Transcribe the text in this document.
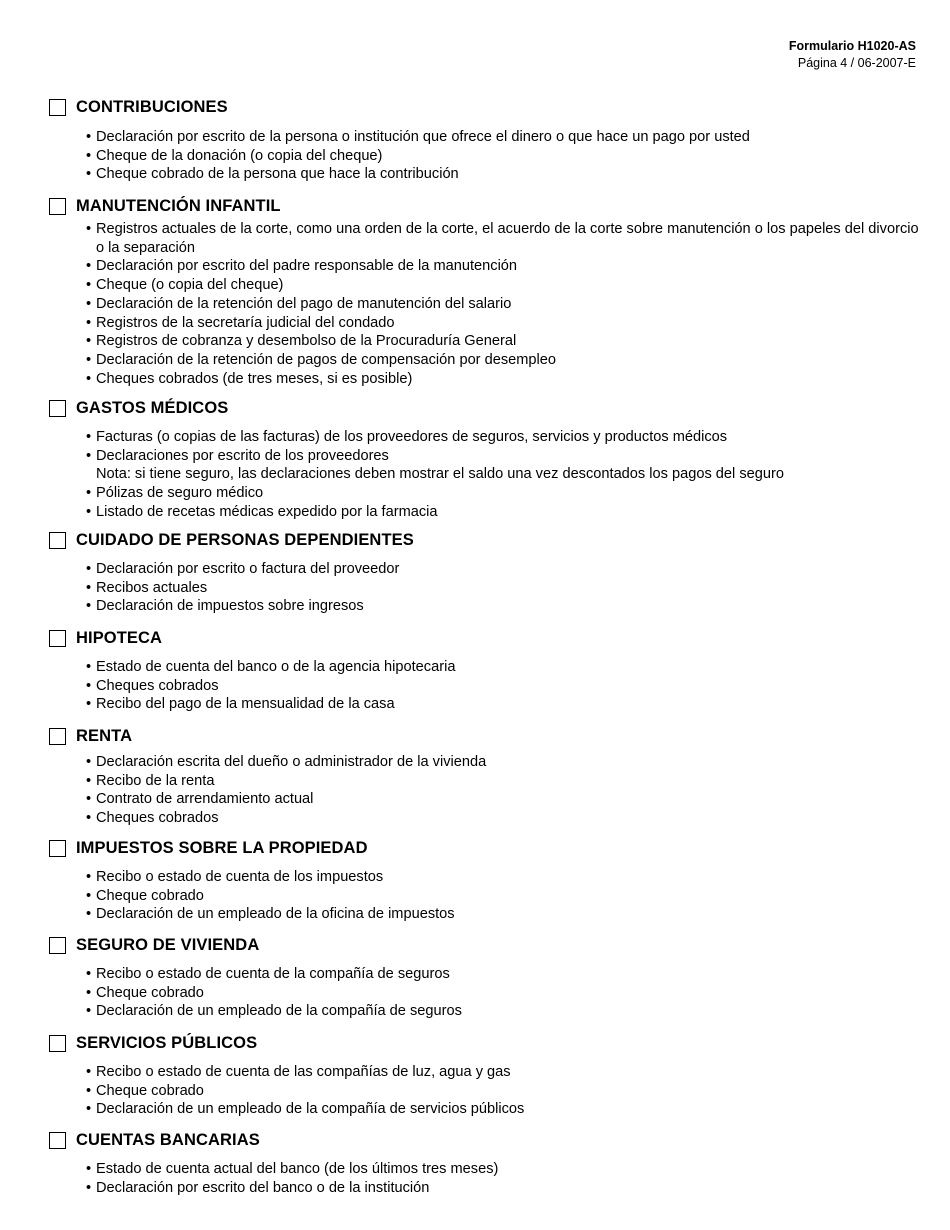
Formulario H1020-AS
Página 4 / 06-2007-E
CONTRIBUCIONES
• Declaración por escrito de la persona o institución que ofrece el dinero o que hace un pago por usted
• Cheque de la donación (o copia del cheque)
• Cheque cobrado de la persona que hace la contribución
MANUTENCIÓN INFANTIL
• Registros actuales de la corte, como una orden de la corte, el acuerdo de la corte sobre manutención o los papeles del divorcio o la separación
• Declaración por escrito del padre responsable de la manutención
• Cheque (o copia del cheque)
• Declaración de la retención del pago de manutención del salario
• Registros de la secretaría judicial del condado
• Registros de cobranza y desembolso de la Procuraduría General
• Declaración de la retención de pagos de compensación por desempleo
• Cheques cobrados (de tres meses, si es posible)
GASTOS MÉDICOS
• Facturas (o copias de las facturas) de los proveedores de seguros, servicios y productos médicos
• Declaraciones por escrito de los proveedores
Nota: si tiene seguro, las declaraciones deben mostrar el saldo una vez descontados los pagos del seguro
• Pólizas de seguro médico
• Listado de recetas médicas expedido por la farmacia
CUIDADO DE PERSONAS DEPENDIENTES
• Declaración por escrito o factura del proveedor
• Recibos actuales
• Declaración de impuestos sobre ingresos
HIPOTECA
• Estado de cuenta del banco o de la agencia hipotecaria
• Cheques cobrados
• Recibo del pago de la mensualidad de la casa
RENTA
• Declaración escrita del dueño o administrador de la vivienda
• Recibo de la renta
• Contrato de arrendamiento actual
• Cheques cobrados
IMPUESTOS SOBRE LA PROPIEDAD
• Recibo o estado de cuenta de los impuestos
• Cheque cobrado
• Declaración de un empleado de la oficina de impuestos
SEGURO DE VIVIENDA
• Recibo o estado de cuenta de la compañía de seguros
• Cheque cobrado
• Declaración de un empleado de la compañía de seguros
SERVICIOS PÚBLICOS
• Recibo o estado de cuenta de las compañías de luz, agua y gas
• Cheque cobrado
• Declaración de un empleado de la compañía de servicios públicos
CUENTAS BANCARIAS
• Estado de cuenta actual del banco (de los últimos tres meses)
• Declaración por escrito del banco o de la institución
